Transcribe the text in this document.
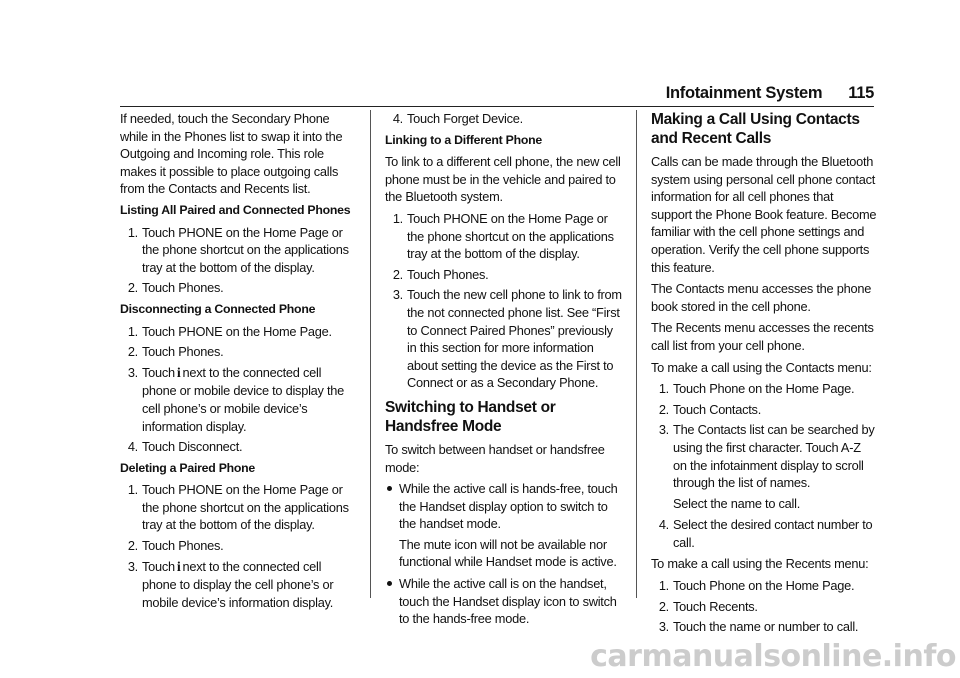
Infotainment System 115

If needed, touch the Secondary Phone while in the Phones list to swap it into the Outgoing and Incoming role. This role makes it possible to place outgoing calls from the Contacts and Recents list.

Listing All Paired and Connected Phones
1. Touch PHONE on the Home Page or the phone shortcut on the applications tray at the bottom of the display.
2. Touch Phones.
Disconnecting a Connected Phone
1. Touch PHONE on the Home Page.
2. Touch Phones.
3. Touch i next to the connected cell phone or mobile device to display the cell phone’s or mobile device’s information display.
4. Touch Disconnect.
Deleting a Paired Phone
1. Touch PHONE on the Home Page or the phone shortcut on the applications tray at the bottom of the display.
2. Touch Phones.
3. Touch i next to the connected cell phone to display the cell phone’s or mobile device’s information display.
4. Touch Forget Device.
Linking to a Different Phone

To link to a different cell phone, the new cell phone must be in the vehicle and paired to the Bluetooth system.

1. Touch PHONE on the Home Page or the phone shortcut on the applications tray at the bottom of the display.
2. Touch Phones.
3. Touch the new cell phone to link to from the not connected phone list. See “First to Connect Paired Phones” previously in this section for more information about setting the device as the First to Connect or as a Secondary Phone.
Switching to Handset or Handsfree Mode

To switch between handset or handsfree mode:

While the active call is hands-free, touch the Handset display option to switch to the handset mode.
The mute icon will not be available nor functional while Handset mode is active.
While the active call is on the handset, touch the Handset display icon to switch to the hands-free mode.
Making a Call Using Contacts and Recent Calls

Calls can be made through the Bluetooth system using personal cell phone contact information for all cell phones that support the Phone Book feature. Become familiar with the cell phone settings and operation. Verify the cell phone supports this feature.

The Contacts menu accesses the phone book stored in the cell phone.

The Recents menu accesses the recents call list from your cell phone.

To make a call using the Contacts menu:

1. Touch Phone on the Home Page.
2. Touch Contacts.
3. The Contacts list can be searched by using the first character. Touch A-Z on the infotainment display to scroll through the list of names.
Select the name to call.
4. Select the desired contact number to call.

To make a call using the Recents menu:

1. Touch Phone on the Home Page.
2. Touch Recents.
3. Touch the name or number to call.
carmanualsonline.info
